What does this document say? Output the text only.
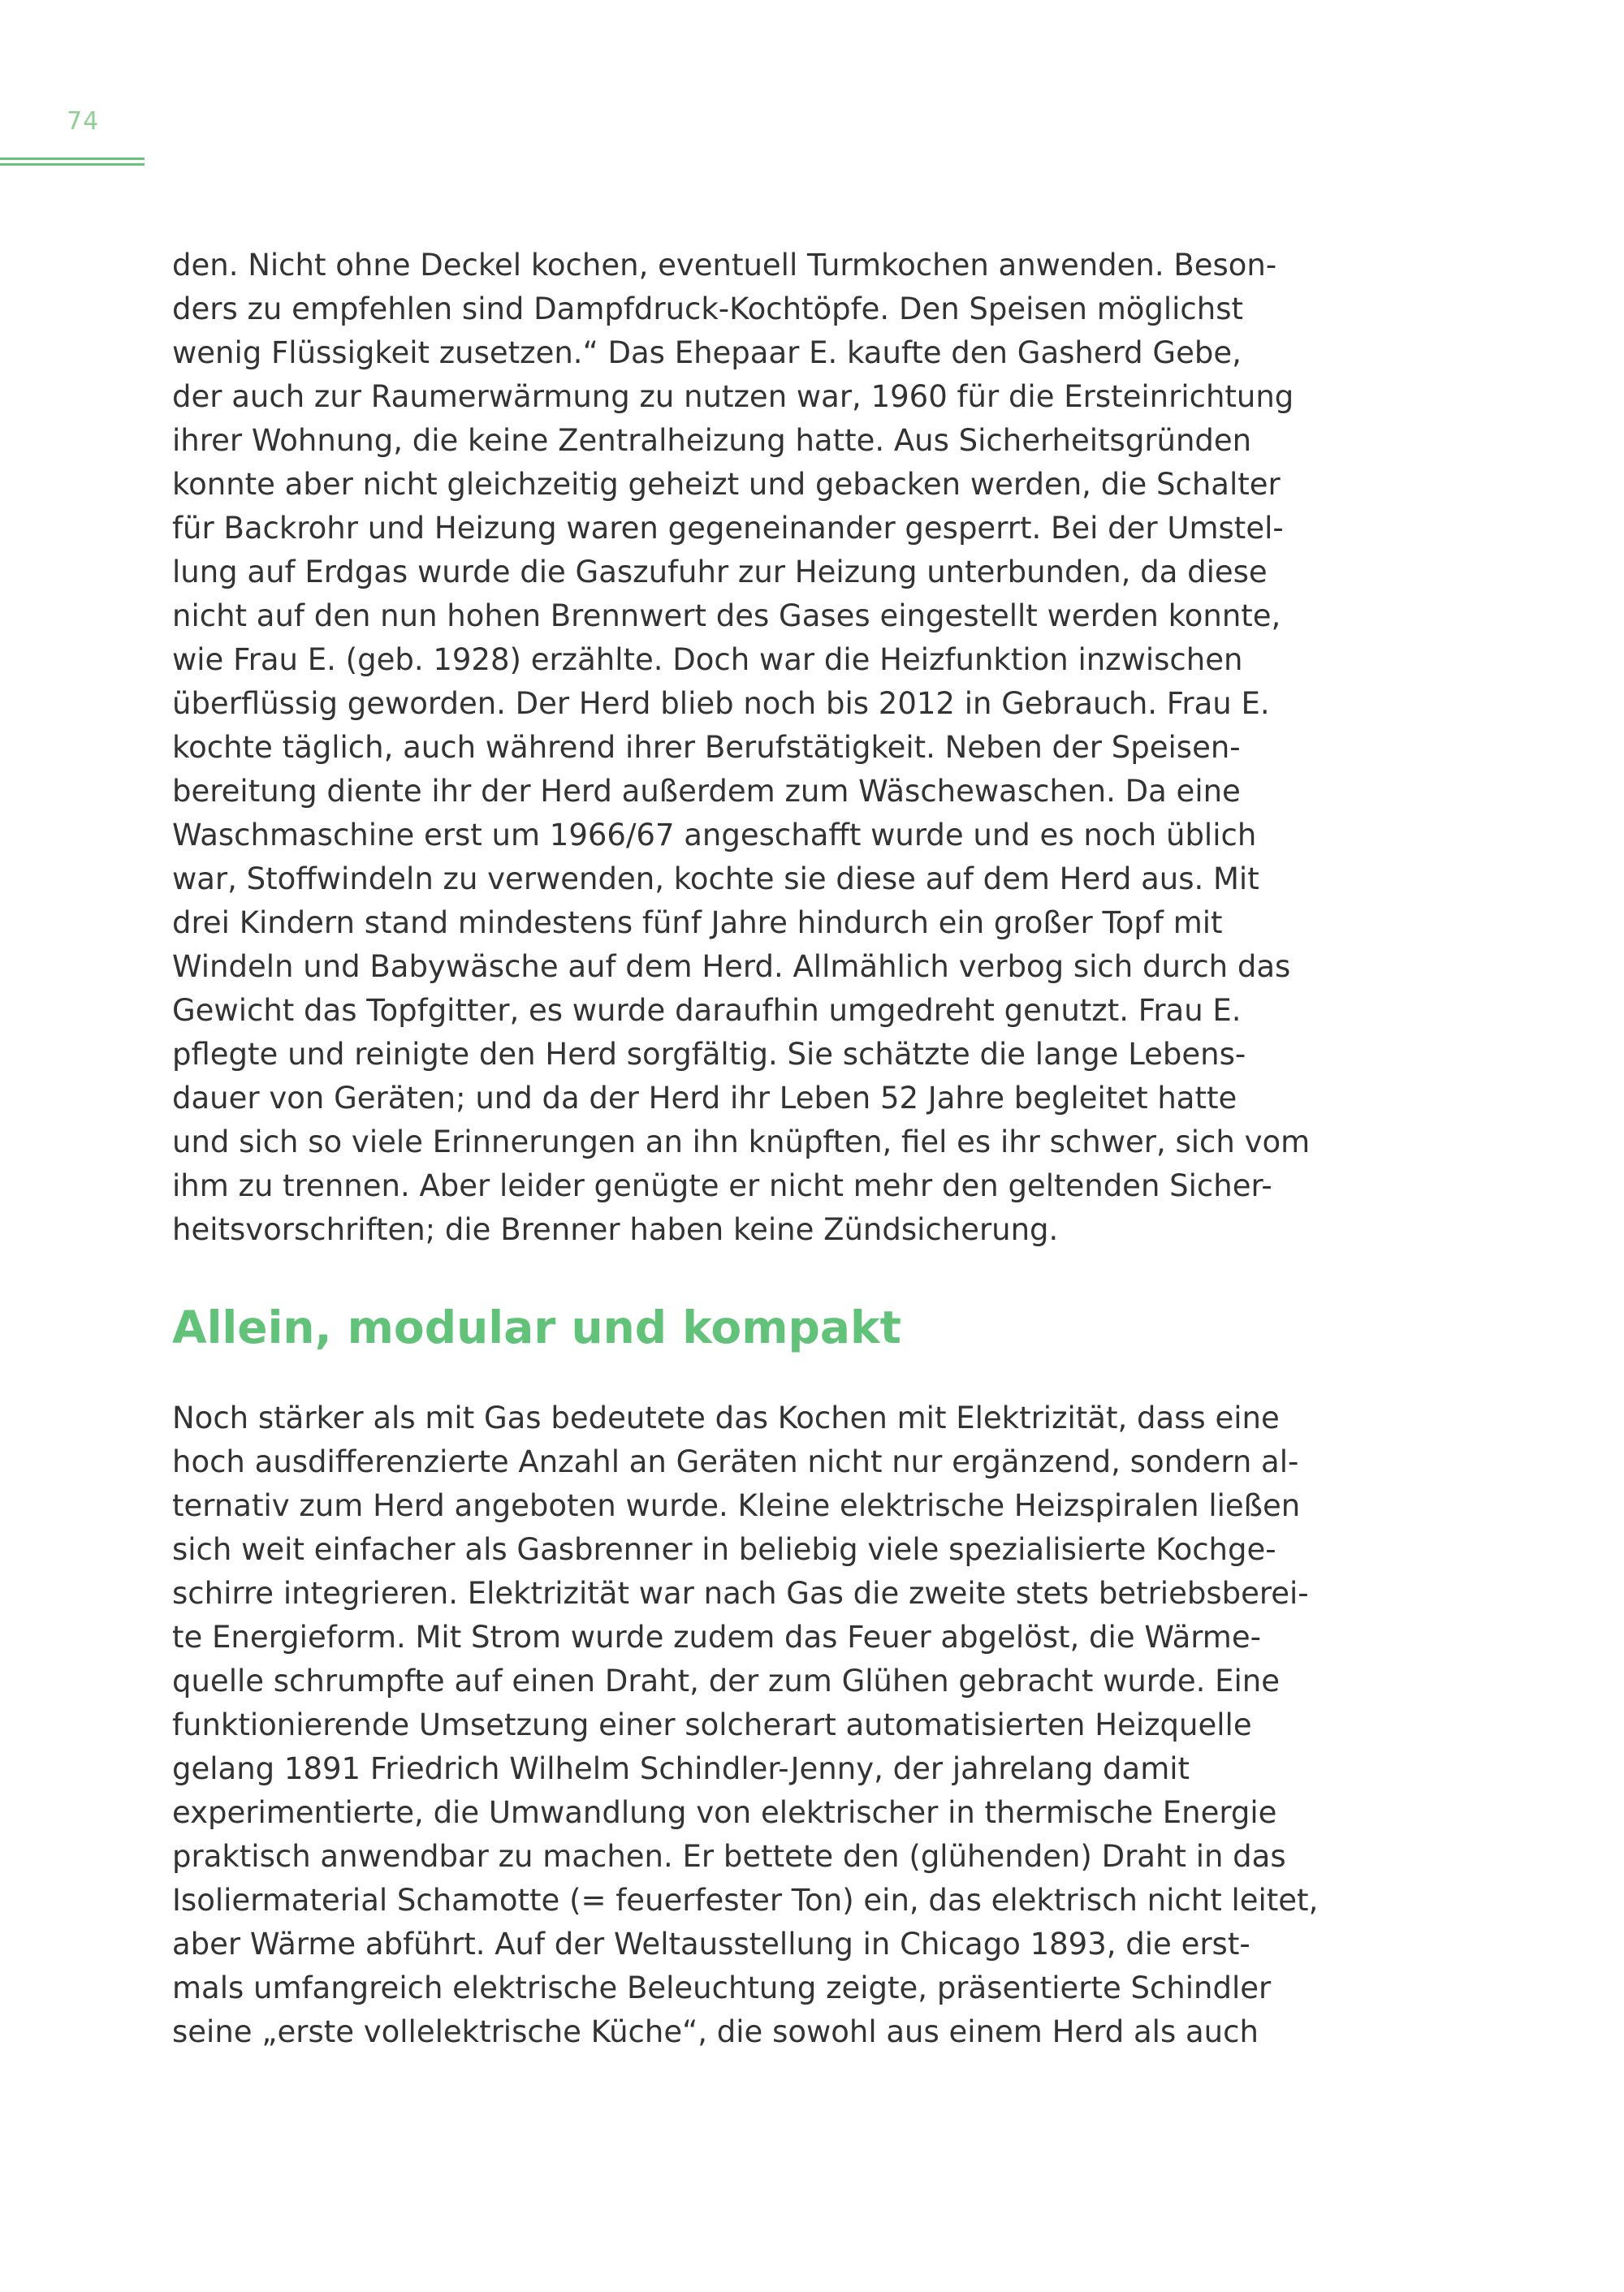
74
den. Nicht ohne Deckel kochen, eventuell Turmkochen anwenden. Beson-
ders zu empfehlen sind Dampfdruck-Kochtöpfe. Den Speisen möglichst
wenig Flüssigkeit zusetzen.“ Das Ehepaar E. kaufte den Gasherd Gebe,
der auch zur Raumerwärmung zu nutzen war, 1960 für die Ersteinrichtung
ihrer Wohnung, die keine Zentralheizung hatte. Aus Sicherheitsgründen
konnte aber nicht gleichzeitig geheizt und gebacken werden, die Schalter
für Backrohr und Heizung waren gegeneinander gesperrt. Bei der Umstel-
lung auf Erdgas wurde die Gaszufuhr zur Heizung unterbunden, da diese
nicht auf den nun hohen Brennwert des Gases eingestellt werden konnte,
wie Frau E. (geb. 1928) erzählte. Doch war die Heizfunktion inzwischen
überflüssig geworden. Der Herd blieb noch bis 2012 in Gebrauch. Frau E.
kochte täglich, auch während ihrer Berufstätigkeit. Neben der Speisen-
bereitung diente ihr der Herd außerdem zum Wäschewaschen. Da eine
Waschmaschine erst um 1966/67 angeschafft wurde und es noch üblich
war, Stoffwindeln zu verwenden, kochte sie diese auf dem Herd aus. Mit
drei Kindern stand mindestens fünf Jahre hindurch ein großer Topf mit
Windeln und Babywäsche auf dem Herd. Allmählich verbog sich durch das
Gewicht das Topfgitter, es wurde daraufhin umgedreht genutzt. Frau E.
pflegte und reinigte den Herd sorgfältig. Sie schätzte die lange Lebens-
dauer von Geräten; und da der Herd ihr Leben 52 Jahre begleitet hatte
und sich so viele Erinnerungen an ihn knüpften, fiel es ihr schwer, sich vom
ihm zu trennen. Aber leider genügte er nicht mehr den geltenden Sicher-
heitsvorschriften; die Brenner haben keine Zündsicherung.
Allein, modular und kompakt
Noch stärker als mit Gas bedeutete das Kochen mit Elektrizität, dass eine
hoch ausdifferenzierte Anzahl an Geräten nicht nur ergänzend, sondern al-
ternativ zum Herd angeboten wurde. Kleine elektrische Heizspiralen ließen
sich weit einfacher als Gasbrenner in beliebig viele spezialisierte Kochge-
schirre integrieren. Elektrizität war nach Gas die zweite stets betriebsberei-
te Energieform. Mit Strom wurde zudem das Feuer abgelöst, die Wärme-
quelle schrumpfte auf einen Draht, der zum Glühen gebracht wurde. Eine
funktionierende Umsetzung einer solcherart automatisierten Heizquelle
gelang 1891 Friedrich Wilhelm Schindler-Jenny, der jahrelang damit
experimentierte, die Umwandlung von elektrischer in thermische Energie
praktisch anwendbar zu machen. Er bettete den (glühenden) Draht in das
Isoliermaterial Schamotte (= feuerfester Ton) ein, das elektrisch nicht leitet,
aber Wärme abführt. Auf der Weltausstellung in Chicago 1893, die erst-
mals umfangreich elektrische Beleuchtung zeigte, präsentierte Schindler
seine „erste vollelektrische Küche“, die sowohl aus einem Herd als auch
